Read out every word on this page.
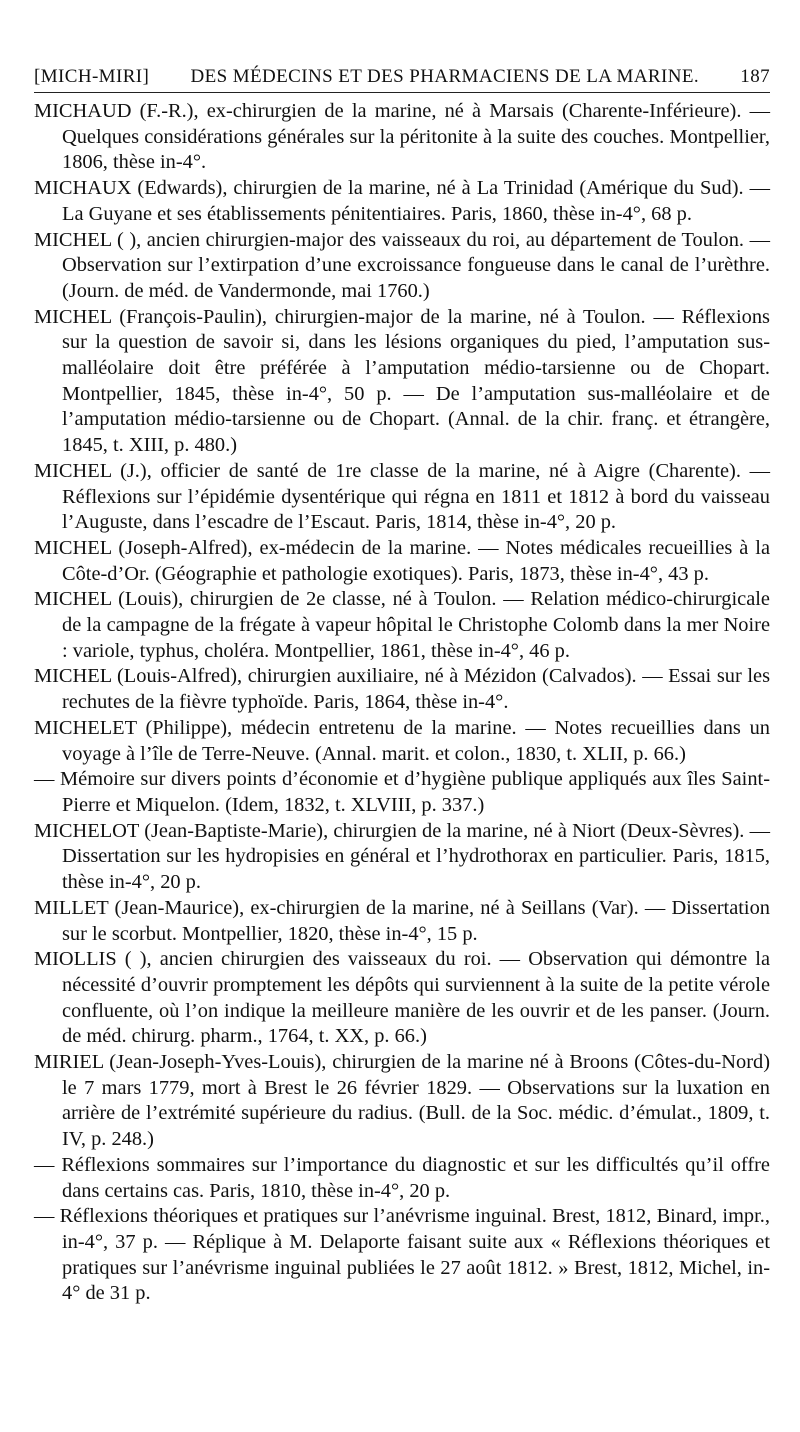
[MICH-MIRI]	DES MÉDECINS ET DES PHARMACIENS DE LA MARINE.	187

MICHAUD (F.-R.), ex-chirurgien de la marine, né à Marsais (Charente-Inférieure). — Quelques considérations générales sur la péritonite à la suite des couches. Montpellier, 1806, thèse in-4°.

MICHAUX (Edwards), chirurgien de la marine, né à La Trinidad (Amérique du Sud). — La Guyane et ses établissements pénitentiaires. Paris, 1860, thèse in-4°, 68 p.

MICHEL ( ), ancien chirurgien-major des vaisseaux du roi, au département de Toulon. — Observation sur l’extirpation d’une excroissance fongueuse dans le canal de l’urèthre. (Journ. de méd. de Vandermonde, mai 1760.)

MICHEL (François-Paulin), chirurgien-major de la marine, né à Toulon. — Réflexions sur la question de savoir si, dans les lésions organiques du pied, l’amputation sus-malléolaire doit être préférée à l’amputation médio-tarsienne ou de Chopart. Montpellier, 1845, thèse in-4°, 50 p. — De l’amputation sus-malléolaire et de l’amputation médio-tarsienne ou de Chopart. (Annal. de la chir. franç. et étrangère, 1845, t. XIII, p. 480.)

MICHEL (J.), officier de santé de 1re classe de la marine, né à Aigre (Charente). — Réflexions sur l’épidémie dysentérique qui régna en 1811 et 1812 à bord du vaisseau l’Auguste, dans l’escadre de l’Escaut. Paris, 1814, thèse in-4°, 20 p.

MICHEL (Joseph-Alfred), ex-médecin de la marine. — Notes médicales recueillies à la Côte-d’Or. (Géographie et pathologie exotiques). Paris, 1873, thèse in-4°, 43 p.

MICHEL (Louis), chirurgien de 2e classe, né à Toulon. — Relation médico-chirurgicale de la campagne de la frégate à vapeur hôpital le Christophe Colomb dans la mer Noire : variole, typhus, choléra. Montpellier, 1861, thèse in-4°, 46 p.

MICHEL (Louis-Alfred), chirurgien auxiliaire, né à Mézidon (Calvados). — Essai sur les rechutes de la fièvre typhoïde. Paris, 1864, thèse in-4°.

MICHELET (Philippe), médecin entretenu de la marine. — Notes recueillies dans un voyage à l’île de Terre-Neuve. (Annal. marit. et colon., 1830, t. XLII, p. 66.)

— Mémoire sur divers points d’économie et d’hygiène publique appliqués aux îles Saint-Pierre et Miquelon. (Idem, 1832, t. XLVIII, p. 337.)

MICHELOT (Jean-Baptiste-Marie), chirurgien de la marine, né à Niort (Deux-Sèvres). — Dissertation sur les hydropisies en général et l’hydrothorax en particulier. Paris, 1815, thèse in-4°, 20 p.

MILLET (Jean-Maurice), ex-chirurgien de la marine, né à Seillans (Var). — Dissertation sur le scorbut. Montpellier, 1820, thèse in-4°, 15 p.

MIOLLIS ( ), ancien chirurgien des vaisseaux du roi. — Observation qui démontre la nécessité d’ouvrir promptement les dépôts qui surviennent à la suite de la petite vérole confluente, où l’on indique la meilleure manière de les ouvrir et de les panser. (Journ. de méd. chirurg. pharm., 1764, t. XX, p. 66.)

MIRIEL (Jean-Joseph-Yves-Louis), chirurgien de la marine né à Broons (Côtes-du-Nord) le 7 mars 1779, mort à Brest le 26 février 1829. — Observations sur la luxation en arrière de l’extrémité supérieure du radius. (Bull. de la Soc. médic. d’émulat., 1809, t. IV, p. 248.)

— Réflexions sommaires sur l’importance du diagnostic et sur les difficultés qu’il offre dans certains cas. Paris, 1810, thèse in-4°, 20 p.

— Réflexions théoriques et pratiques sur l’anévrisme inguinal. Brest, 1812, Binard, impr., in-4°, 37 p. — Réplique à M. Delaporte faisant suite aux « Réflexions théoriques et pratiques sur l’anévrisme inguinal publiées le 27 août 1812. » Brest, 1812, Michel, in-4° de 31 p.
